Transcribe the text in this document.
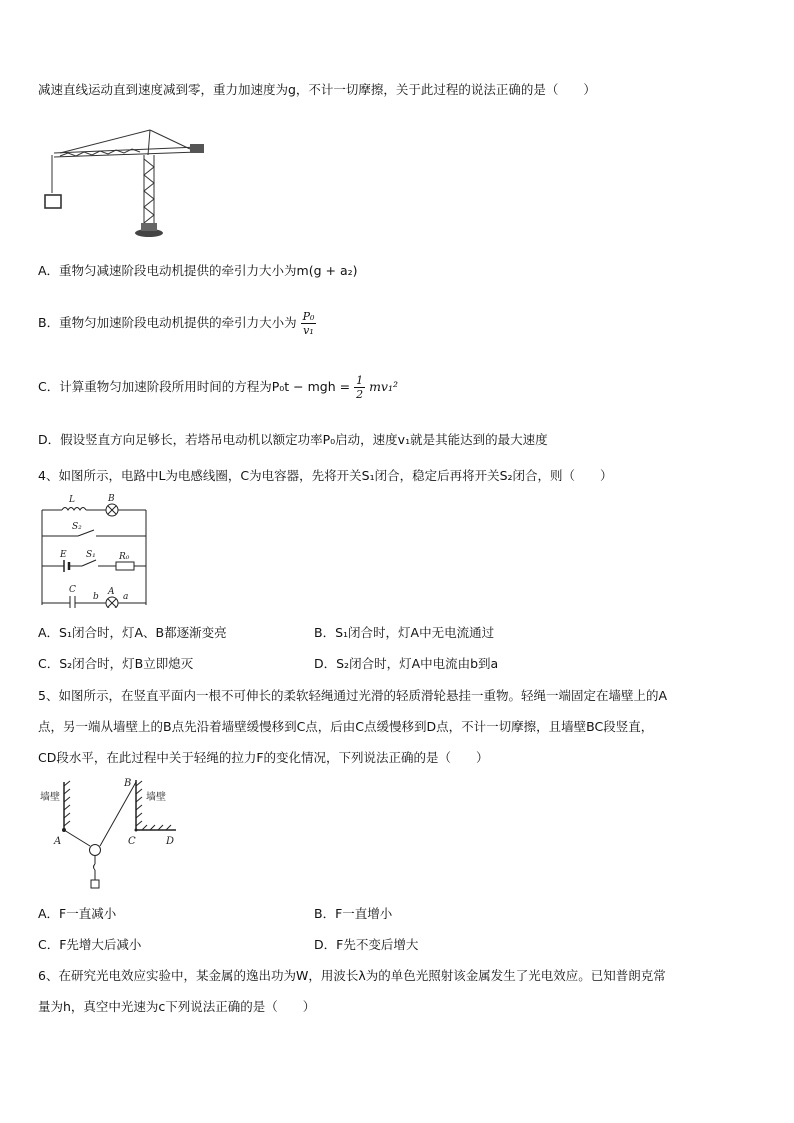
减速直线运动直到速度减到零，重力加速度为g，不计一切摩擦，关于此过程的说法正确的是（　　）
A．重物匀减速阶段电动机提供的牵引力大小为m(g + a₂)
B．重物匀加速阶段电动机提供的牵引力大小为 $\frac{\text{P₀}}{\text{v₁}}$
C．计算重物匀加速阶段所用时间的方程为P₀t − mgh = $\frac{1}{2} mv_1^2$
D．假设竖直方向足够长，若塔吊电动机以额定功率P₀启动，速度v₁就是其能达到的最大速度
4、如图所示，电路中L为电感线圈，C为电容器，先将开关S₁闭合，稳定后再将开关S₂闭合，则（　　）
L	B
S₂
E S₁	R₀
C
b A a
A．S₁闭合时，灯A、B都逐渐变亮	B．S₁闭合时，灯A中无电流通过
C．S₂闭合时，灯B立即熄灭	D．S₂闭合时，灯A中电流由b到a
5、如图所示，在竖直平面内一根不可伸长的柔软轻绳通过光滑的轻质滑轮悬挂一重物。轻绳一端固定在墙壁上的A
点，另一端从墙壁上的B点先沿着墙壁缓慢移到C点，后由C点缓慢移到D点，不计一切摩擦，且墙壁BC段竖直，
CD段水平，在此过程中关于轻绳的拉力F的变化情况，下列说法正确的是（　　）
墙壁	墙壁
A
B
C	D
A．F一直减小	B．F一直增小
C．F先增大后减小	D．F先不变后增大
6、在研究光电效应实验中，某金属的逸出功为W，用波长λ为的单色光照射该金属发生了光电效应。已知普朗克常
量为h，真空中光速为c下列说法正确的是（　　）
